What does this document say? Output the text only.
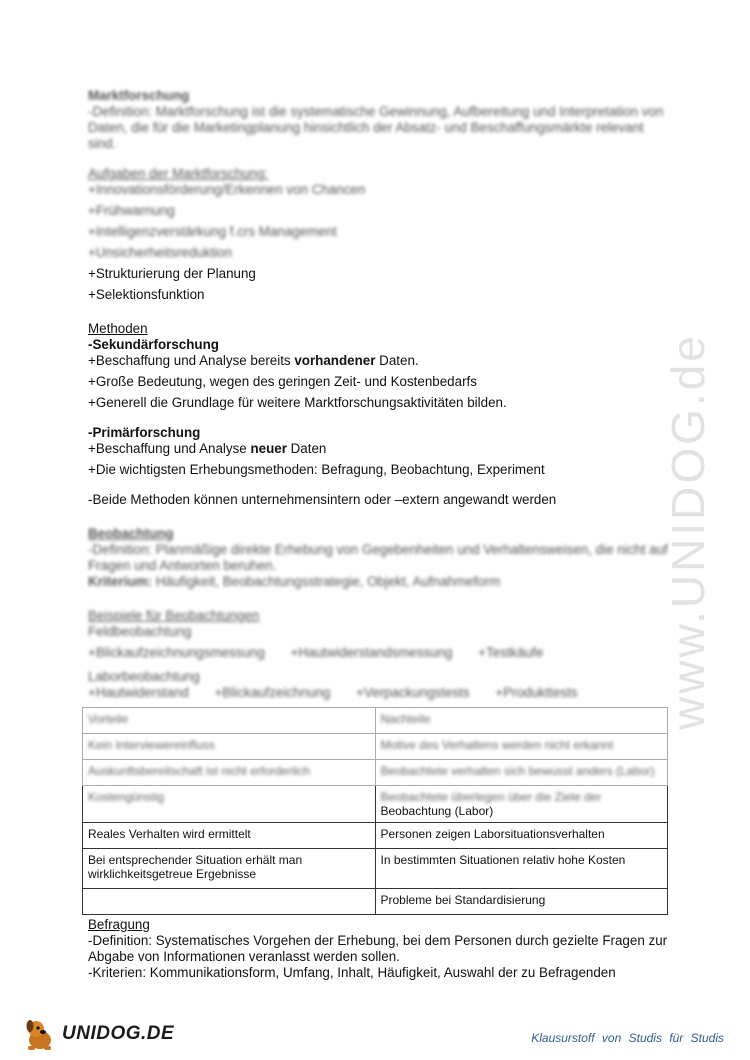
www.UNIDOG.de

Marktforschung

-Definition: Marktforschung ist die systematische Gewinnung, Aufbereitung und Interpretation von Daten, die für die Marketingplanung hinsichtlich der Absatz- und Beschaffungsmärkte relevant sind.

Aufgaben der Marktforschung:

+Innovationsförderung/Erkennen von Chancen

+Frühwarnung

+Intelligenzverstärkung f.crs Management

+Unsicherheitsreduktion

+Strukturierung der Planung

+Selektionsfunktion

Methoden

-Sekundärforschung

+Beschaffung und Analyse bereits vorhandener Daten.

+Große Bedeutung, wegen des geringen Zeit- und Kostenbedarfs

+Generell die Grundlage für weitere Marktforschungsaktivitäten bilden.

-Primärforschung

+Beschaffung und Analyse neuer Daten

+Die wichtigsten Erhebungsmethoden: Befragung, Beobachtung, Experiment

-Beide Methoden können unternehmensintern oder –extern angewandt werden

Beobachtung

-Definition: Planmäßige direkte Erhebung von Gegebenheiten und Verhaltensweisen, die nicht auf Fragen und Antworten beruhen.

Kriterium: Häufigkeit, Beobachtungsstrategie, Objekt, Aufnahmeform

Beispiele für Beobachtungen

Feldbeobachtung

+Blickaufzeichnungsmessung +Hautwiderstandsmessung +Testkäufe

Laborbeobachtung

+Hautwiderstand +Blickaufzeichnung +Verpackungstests +Produkttests

Vorteile	Nachteile
Kein Interviewereinfluss	Motive des Verhaltens werden nicht erkannt
Auskunftsbereitschaft ist nicht erforderlich	Beobachtete verhalten sich bewusst anders (Labor)
Kostengünstig	Beobachtete überlegen über die Ziele der
Beobachtung (Labor)
Reales Verhalten wird ermittelt	Personen zeigen Laborsituationsverhalten
Bei entsprechender Situation erhält man wirklichkeitsgetreue Ergebnisse	In bestimmten Situationen relativ hohe Kosten
	Probleme bei Standardisierung

Befragung

-Definition: Systematisches Vorgehen der Erhebung, bei dem Personen durch gezielte Fragen zur Abgabe von Informationen veranlasst werden sollen.

-Kriterien: Kommunikationsform, Umfang, Inhalt, Häufigkeit, Auswahl der zu Befragenden

UNIDOG.DE	Klausurstoff von Studis für Studis
